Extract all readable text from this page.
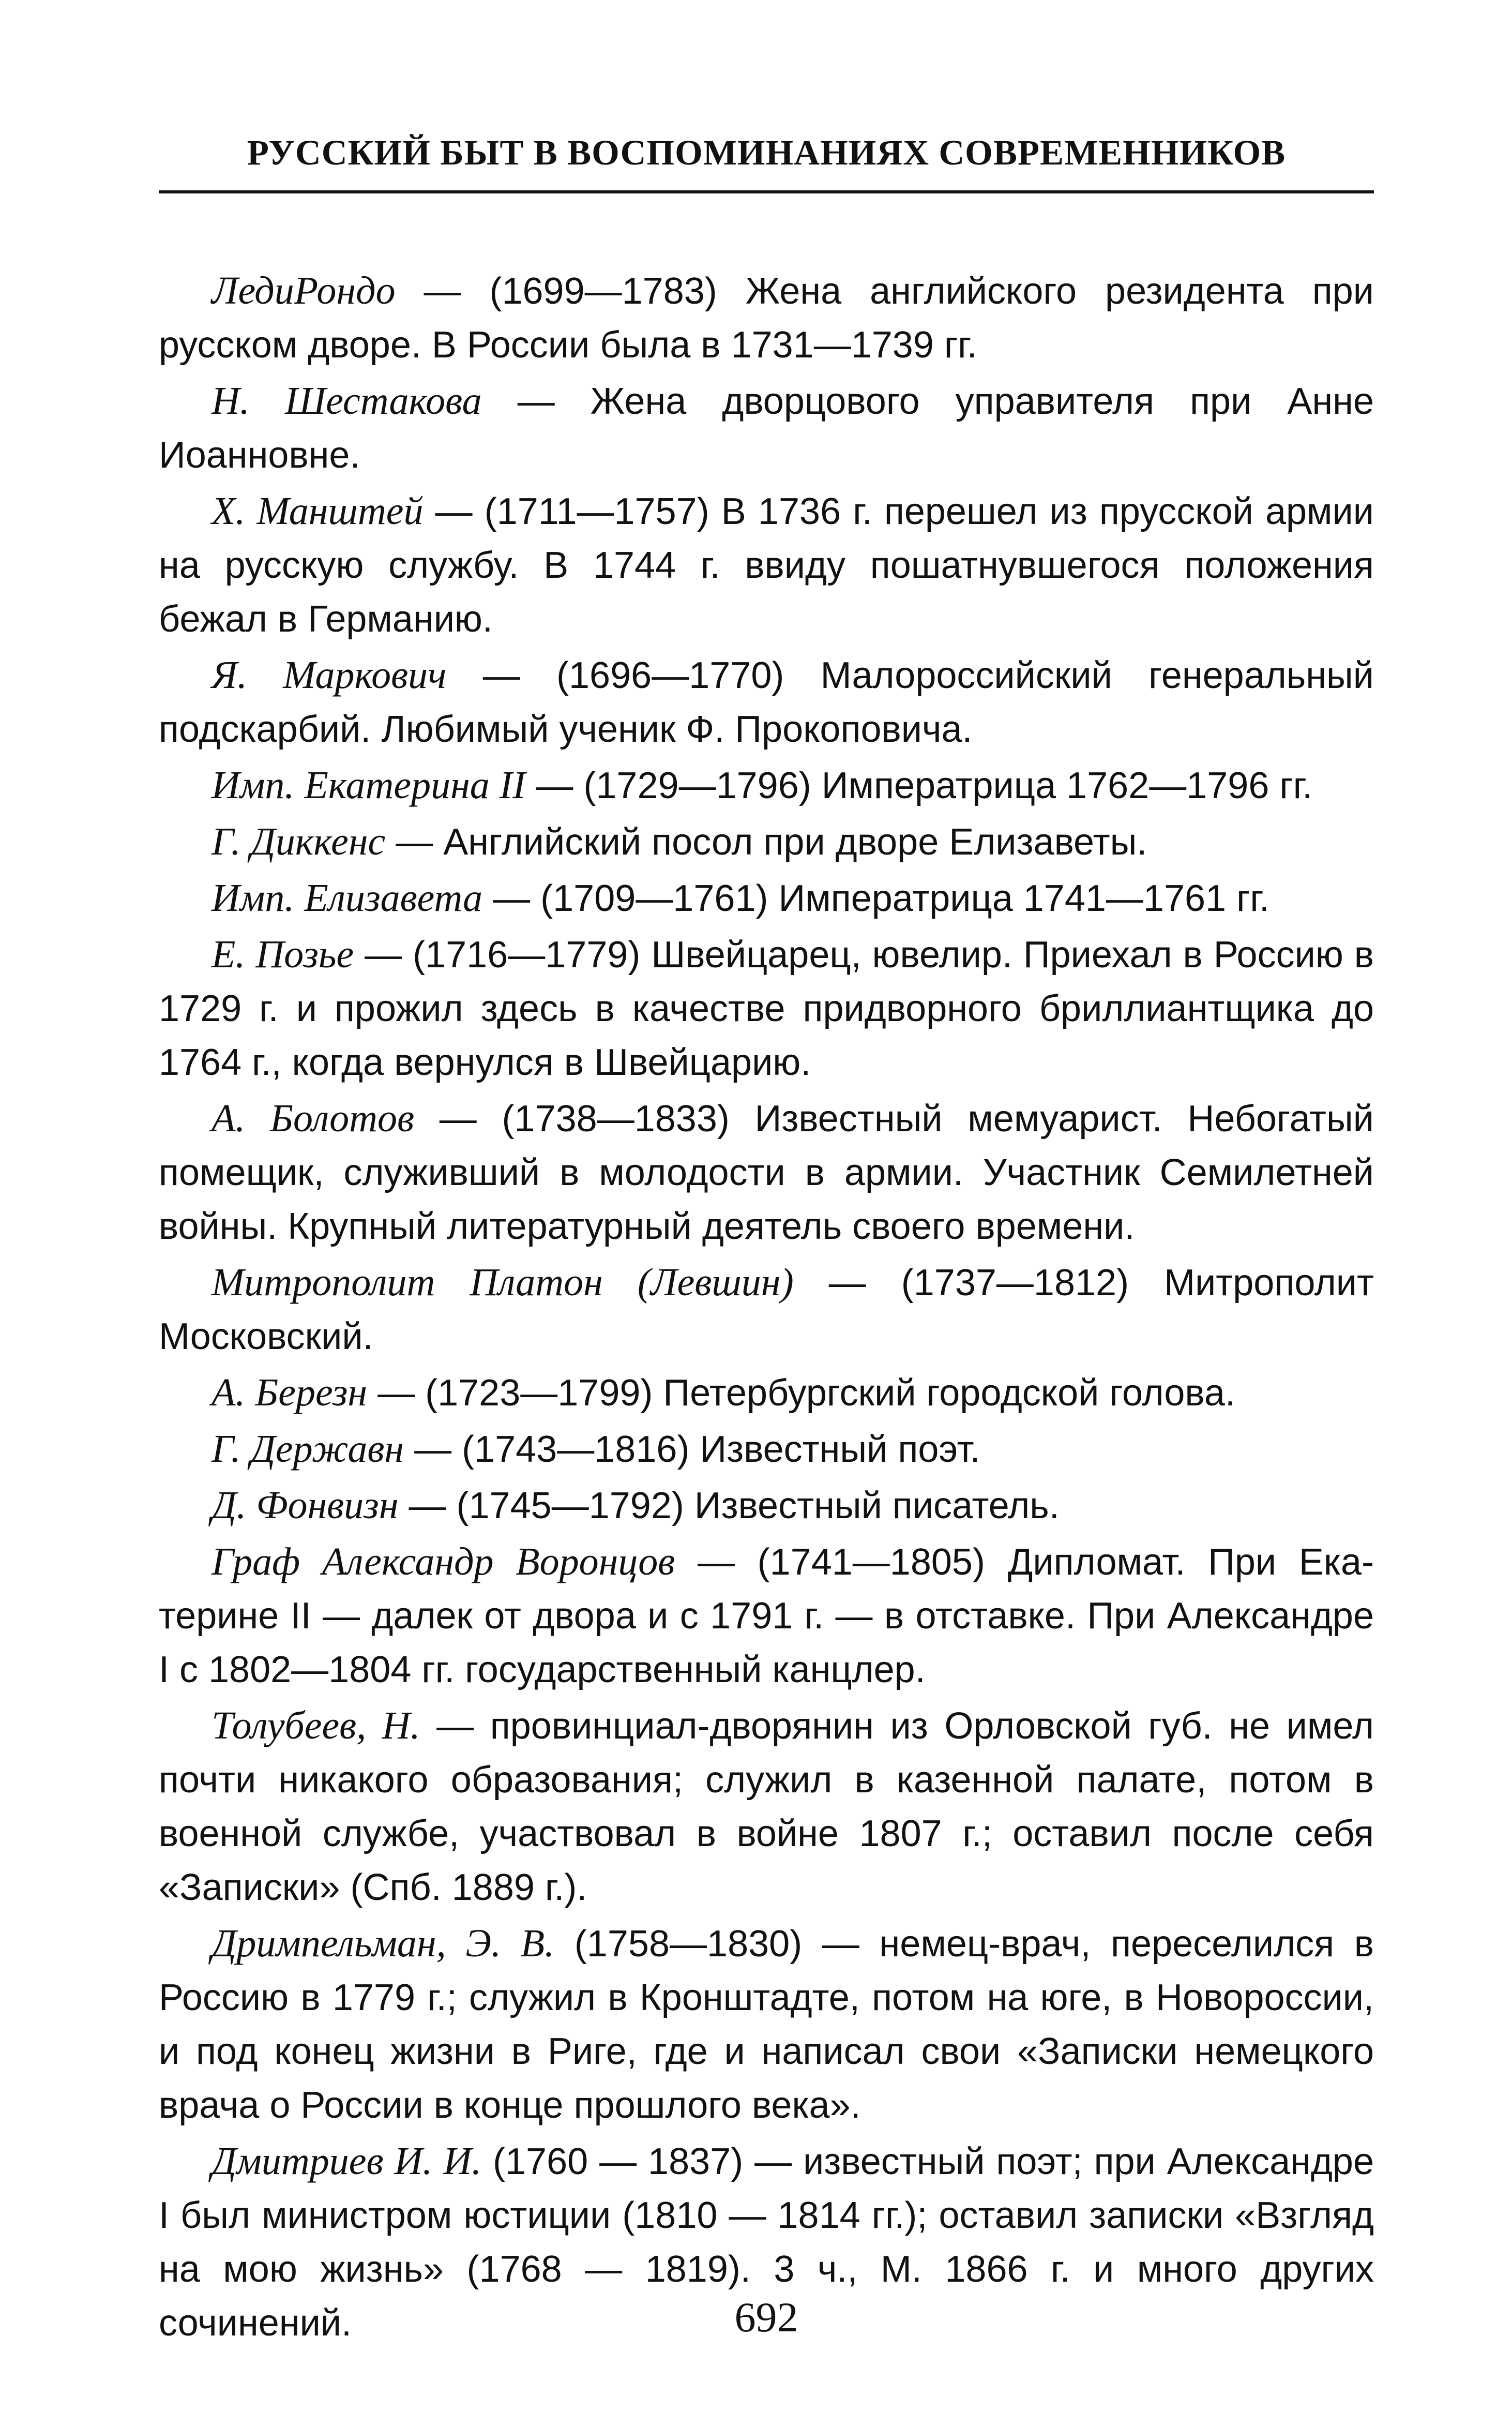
РУССКИЙ БЫТ В ВОСПОМИНАНИЯХ СОВРЕМЕННИКОВ

ЛедиРондо — (1699—1783) Жена английского резидента при русском дворе. В России была в 1731—1739 гг.

Н. Шестакова — Жена дворцового управителя при Анне Иоанновне.

Х. Манштей — (1711—1757) В 1736 г. перешел из прусской армии на русскую службу. В 1744 г. ввиду пошатнувшегося положения бежал в Германию.

Я. Маркович — (1696—1770) Малороссийский генеральный подскарбий. Любимый ученик Ф. Прокоповича.

Имп. Екатерина II — (1729—1796) Императрица 1762—1796 гг.

Г. Диккенс — Английский посол при дворе Елизаветы.

Имп. Елизавета — (1709—1761) Императрица 1741—1761 гг.

Е. Позье — (1716—1779) Швейцарец, ювелир. Приехал в Россию в 1729 г. и прожил здесь в качестве придворного бриллиантщика до 1764 г., когда вернулся в Швейцарию.

А. Болотов — (1738—1833) Известный мемуарист. Небогатый помещик, служивший в молодости в армии. Участник Семилетней войны. Крупный литературный деятель своего времени.

Митрополит Платон (Левшин) — (1737—1812) Митрополит Московский.

А. Березн — (1723—1799) Петербургский городской голова.

Г. Державн — (1743—1816) Известный поэт.

Д. Фонвизн — (1745—1792) Известный писатель.

Граф Александр Воронцов — (1741—1805) Дипломат. При Екатерине II — далек от двора и с 1791 г. — в отставке. При Александре I с 1802—1804 гг. государственный канцлер.

Толубеев, Н. — провинциал-дворянин из Орловской губ. не имел почти никакого образования; служил в казенной палате, потом в военной службе, участвовал в войне 1807 г.; оставил после себя «Записки» (Спб. 1889 г.).

Дримпельман, Э. В. (1758—1830) — немец-врач, переселился в Россию в 1779 г.; служил в Кронштадте, потом на юге, в Новороссии, и под конец жизни в Риге, где и написал свои «Записки немецкого врача о России в конце прошлого века».

Дмитриев И. И. (1760 — 1837) — известный поэт; при Александре I был министром юстиции (1810 — 1814 гг.); оставил записки «Взгляд на мою жизнь» (1768 — 1819). 3 ч., М. 1866 г. и много других сочинений.	692
